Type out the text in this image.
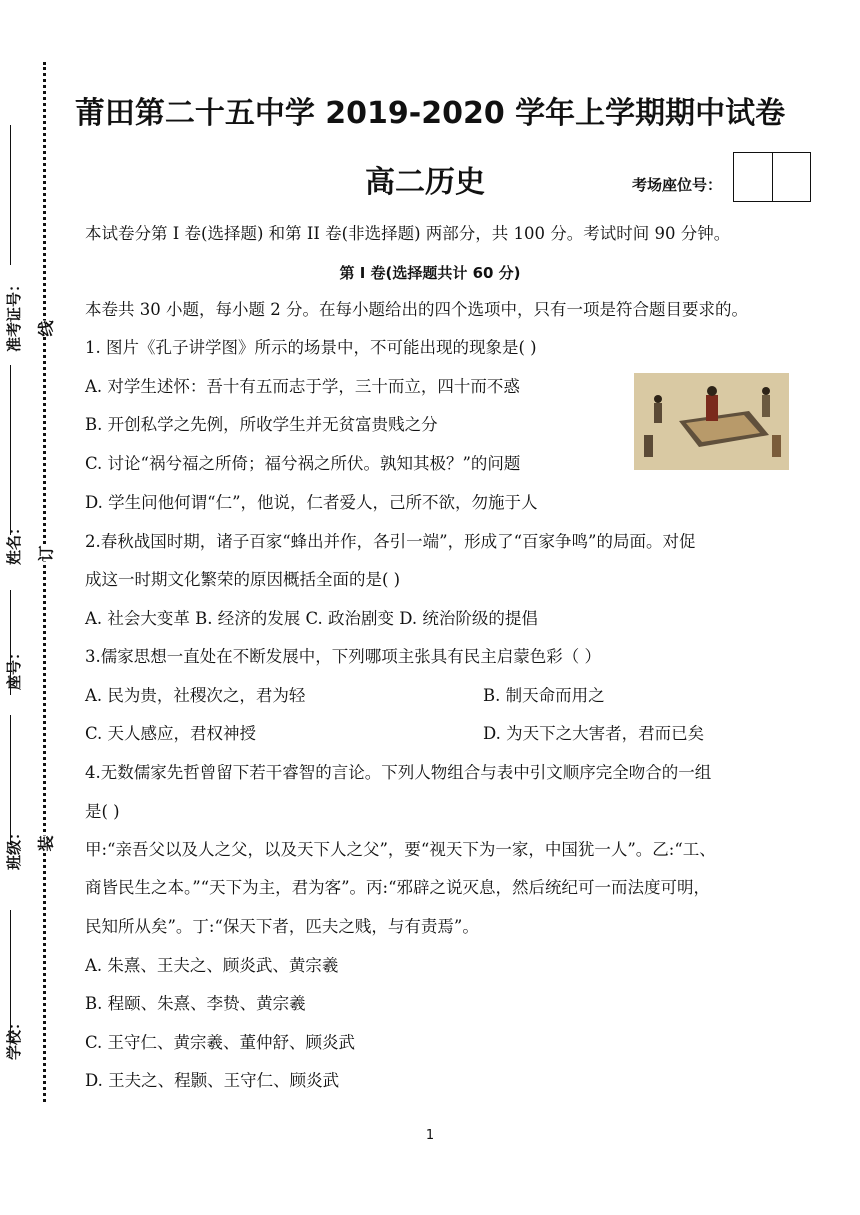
准考证号：
姓名：
座号：
班级：
学校：
线
订
装
莆田第二十五中学 2019-2020 学年上学期期中试卷
高二历史	考场座位号：
本试卷分第 I 卷(选择题) 和第 II 卷(非选择题) 两部分，共 100 分。考试时间 90 分钟。
第 I 卷(选择题共计 60 分)
本卷共 30 小题，每小题 2 分。在每小题给出的四个选项中，只有一项是符合题目要求的。
1. 图片《孔子讲学图》所示的场景中，不可能出现的现象是( )
A. 对学生述怀：吾十有五而志于学，三十而立，四十而不惑
B. 开创私学之先例，所收学生并无贫富贵贱之分
C. 讨论“祸兮福之所倚；福兮祸之所伏。孰知其极？”的问题
D. 学生问他何谓“仁”，他说，仁者爱人，己所不欲，勿施于人
2.春秋战国时期，诸子百家“蜂出并作，各引一端”，形成了“百家争鸣”的局面。对促
成这一时期文化繁荣的原因概括全面的是( )
A. 社会大变革 B. 经济的发展 C. 政治剧变 D. 统治阶级的提倡
3.儒家思想一直处在不断发展中，下列哪项主张具有民主启蒙色彩（ ）
A. 民为贵，社稷次之，君为轻	B. 制天命而用之
C. 天人感应，君权神授	D. 为天下之大害者，君而已矣
4.无数儒家先哲曾留下若干睿智的言论。下列人物组合与表中引文顺序完全吻合的一组
是( )
甲:“亲吾父以及人之父，以及天下人之父”，要“视天下为一家，中国犹一人”。乙:“工、
商皆民生之本。”“天下为主，君为客”。丙:“邪辟之说灭息，然后统纪可一而法度可明，
民知所从矣”。丁:“保天下者，匹夫之贱，与有责焉”。
A. 朱熹、王夫之、顾炎武、黄宗羲
B. 程颐、朱熹、李贽、黄宗羲
C. 王守仁、黄宗羲、董仲舒、顾炎武
D. 王夫之、程颢、王守仁、顾炎武
1
